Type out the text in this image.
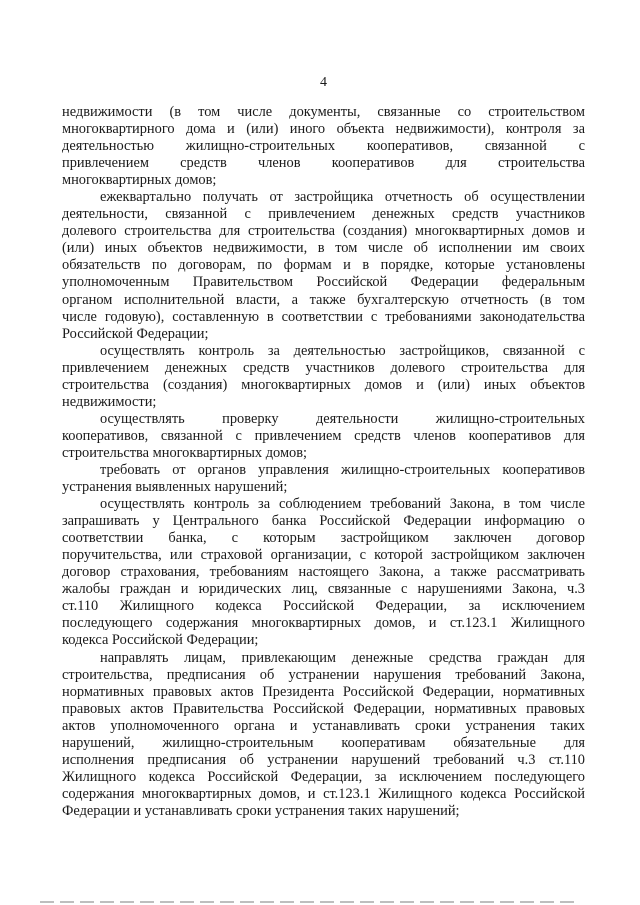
4
недвижимости (в том числе документы, связанные со строительством
многоквартирного дома и (или) иного объекта недвижимости), контроля за
деятельностью жилищно-строительных кооперативов, связанной с
привлечением средств членов кооперативов для строительства
многоквартирных домов;
ежеквартально получать от застройщика отчетность об осуществлении
деятельности, связанной с привлечением денежных средств участников
долевого строительства для строительства (создания) многоквартирных домов и
(или) иных объектов недвижимости, в том числе об исполнении им своих
обязательств по договорам, по формам и в порядке, которые установлены
уполномоченным Правительством Российской Федерации федеральным
органом исполнительной власти, а также бухгалтерскую отчетность (в том
числе годовую), составленную в соответствии с требованиями законодательства
Российской Федерации;
осуществлять контроль за деятельностью застройщиков, связанной с
привлечением денежных средств участников долевого строительства для
строительства (создания) многоквартирных домов и (или) иных объектов
недвижимости;
осуществлять проверку деятельности жилищно-строительных
кооперативов, связанной с привлечением средств членов кооперативов для
строительства многоквартирных домов;
требовать от органов управления жилищно-строительных кооперативов
устранения выявленных нарушений;
осуществлять контроль за соблюдением требований Закона, в том числе
запрашивать у Центрального банка Российской Федерации информацию о
соответствии банка, с которым застройщиком заключен договор
поручительства, или страховой организации, с которой застройщиком заключен
договор страхования, требованиям настоящего Закона, а также рассматривать
жалобы граждан и юридических лиц, связанные с нарушениями Закона, ч.3
ст.110 Жилищного кодекса Российской Федерации, за исключением
последующего содержания многоквартирных домов, и ст.123.1 Жилищного
кодекса Российской Федерации;
направлять лицам, привлекающим денежные средства граждан для
строительства, предписания об устранении нарушения требований Закона,
нормативных правовых актов Президента Российской Федерации, нормативных
правовых актов Правительства Российской Федерации, нормативных правовых
актов уполномоченного органа и устанавливать сроки устранения таких
нарушений, жилищно-строительным кооперативам обязательные для
исполнения предписания об устранении нарушений требований ч.3 ст.110
Жилищного кодекса Российской Федерации, за исключением последующего
содержания многоквартирных домов, и ст.123.1 Жилищного кодекса Российской
Федерации и устанавливать сроки устранения таких нарушений;
